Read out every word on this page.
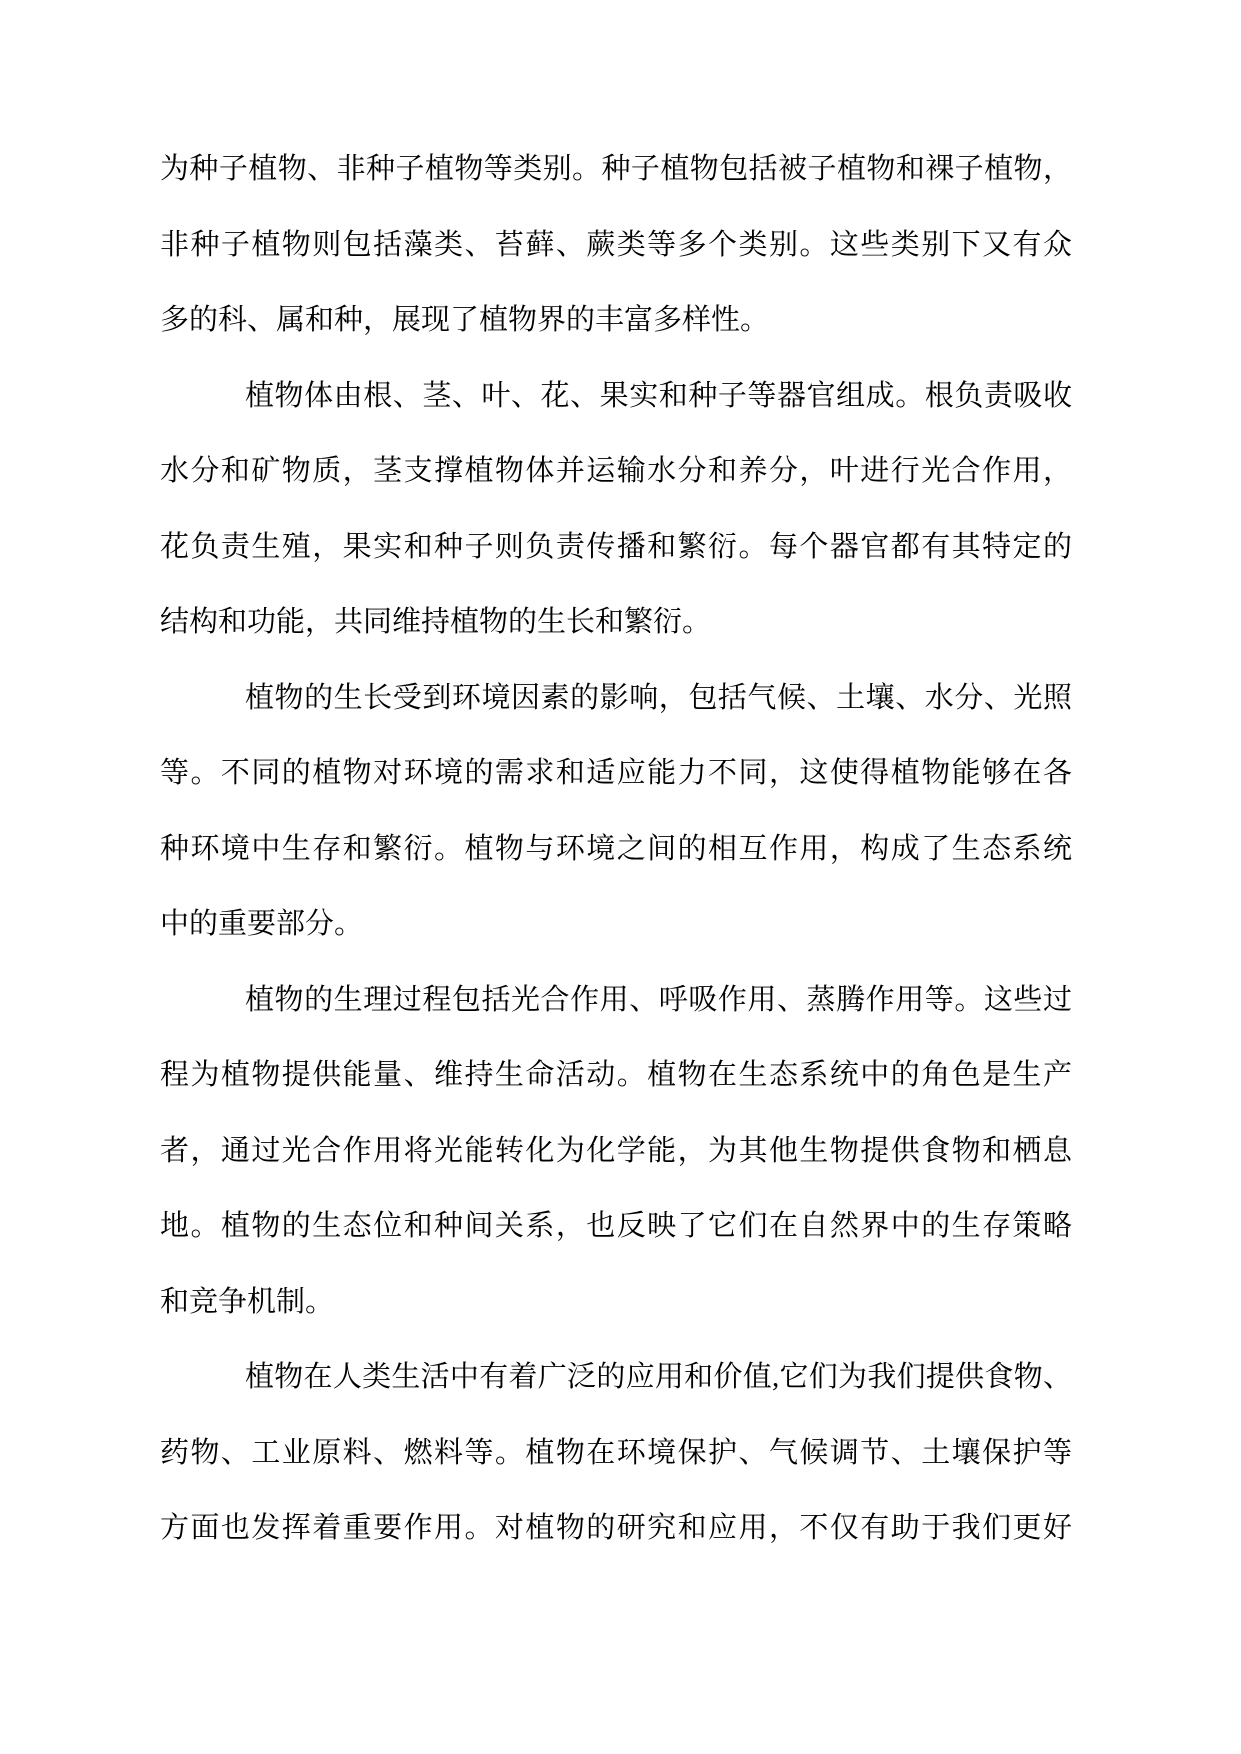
为种子植物、非种子植物等类别。种子植物包括被子植物和裸子植物，
非种子植物则包括藻类、苔藓、蕨类等多个类别。这些类别下又有众
多的科、属和种，展现了植物界的丰富多样性。
植物体由根、茎、叶、花、果实和种子等器官组成。根负责吸收
水分和矿物质，茎支撑植物体并运输水分和养分，叶进行光合作用，
花负责生殖，果实和种子则负责传播和繁衍。每个器官都有其特定的
结构和功能，共同维持植物的生长和繁衍。
植物的生长受到环境因素的影响，包括气候、土壤、水分、光照
等。不同的植物对环境的需求和适应能力不同，这使得植物能够在各
种环境中生存和繁衍。植物与环境之间的相互作用，构成了生态系统
中的重要部分。
植物的生理过程包括光合作用、呼吸作用、蒸腾作用等。这些过
程为植物提供能量、维持生命活动。植物在生态系统中的角色是生产
者，通过光合作用将光能转化为化学能，为其他生物提供食物和栖息
地。植物的生态位和种间关系，也反映了它们在自然界中的生存策略
和竞争机制。
植物在人类生活中有着广泛的应用和价值,它们为我们提供食物、
药物、工业原料、燃料等。植物在环境保护、气候调节、土壤保护等
方面也发挥着重要作用。对植物的研究和应用，不仅有助于我们更好
